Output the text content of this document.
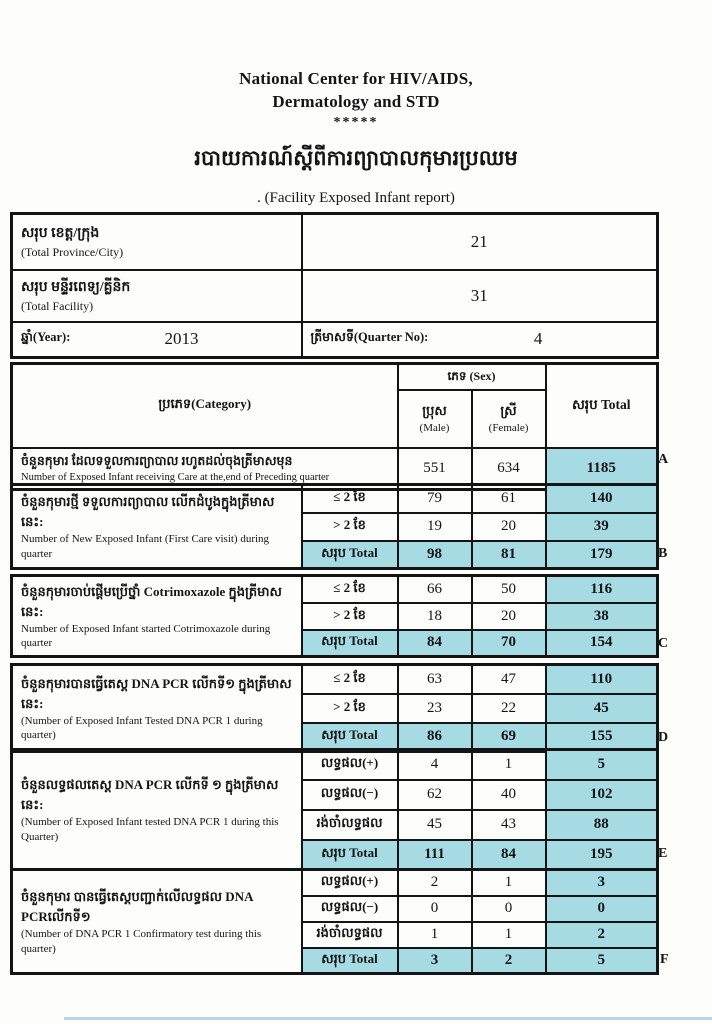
National Center for HIV/AIDS,
Dermatology and STD
*****
របាយការណ៍ស្តីពីការព្យាបាលកុមារប្រឈម
. (Facility Exposed Infant report)
សរុប ខេត្ត/ក្រុង
(Total Province/City)	21

សរុប មន្ទីរពេទ្យ/គ្លីនិក
(Total Facility)	31

ឆ្នាំ(Year): 2013	ត្រីមាសទី(Quarter No): 4
ប្រភេទ(Category)	ភេទ (Sex)		សរុប Total

ប្រុស
(Male)

ស្រី
(Female)

ចំនួនកុមារ ដែលទទួលការព្យាបាល រហូតដល់ចុងត្រីមាសមុន
Number of Exposed Infant receiving Care at the,end of Preceding quarter	551	634	1185	A
ចំនួនកុមារថ្មី ទទួលការព្យាបាល លើកដំបូងក្នុងត្រីមាសនេះ:
Number of New Exposed Infant (First Care visit) during quarter	≤ 2 ខែ	79	61	140
	> 2 ខែ	19	20	39
	សរុប Total	98	81	179	B
ចំនួនកុមារចាប់ផ្តើមប្រើថ្នាំ Cotrimoxazole ក្នុងត្រីមាសនេះ:
Number of Exposed Infant started Cotrimoxazole during quarter	≤ 2 ខែ	66	50	116
	> 2 ខែ	18	20	38
	សរុប Total	84	70	154	C
ចំនួនកុមារបានធ្វើតេស្ត DNA PCR លើកទី១ ក្នុងត្រីមាសនេះ:
(Number of Exposed Infant Tested DNA PCR 1 during quarter)	≤ 2 ខែ	63	47	110
	> 2 ខែ	23	22	45
	សរុប Total	86	69	155	D
ចំនួនលទ្ធផលតេស្ត DNA PCR លើកទី ១ ក្នុងត្រីមាសនេះ:
(Number of Exposed Infant tested DNA PCR 1 during this Quarter)	លទ្ធផល(+)	4	1	5
	លទ្ធផល(−)	62	40	102
	រង់ចាំលទ្ធផល	45	43	88
	សរុប Total	111	84	195	E
ចំនួនកុមារ បានធ្វើតេស្តបញ្ជាក់លើលទ្ធផល DNA PCRលើកទី១
(Number of DNA PCR 1 Confirmatory test during this quarter)	លទ្ធផល(+)	2	1	3
	លទ្ធផល(−)	0	0	0
	រង់ចាំលទ្ធផល	1	1	2
	សរុប Total	3	2	5	F
